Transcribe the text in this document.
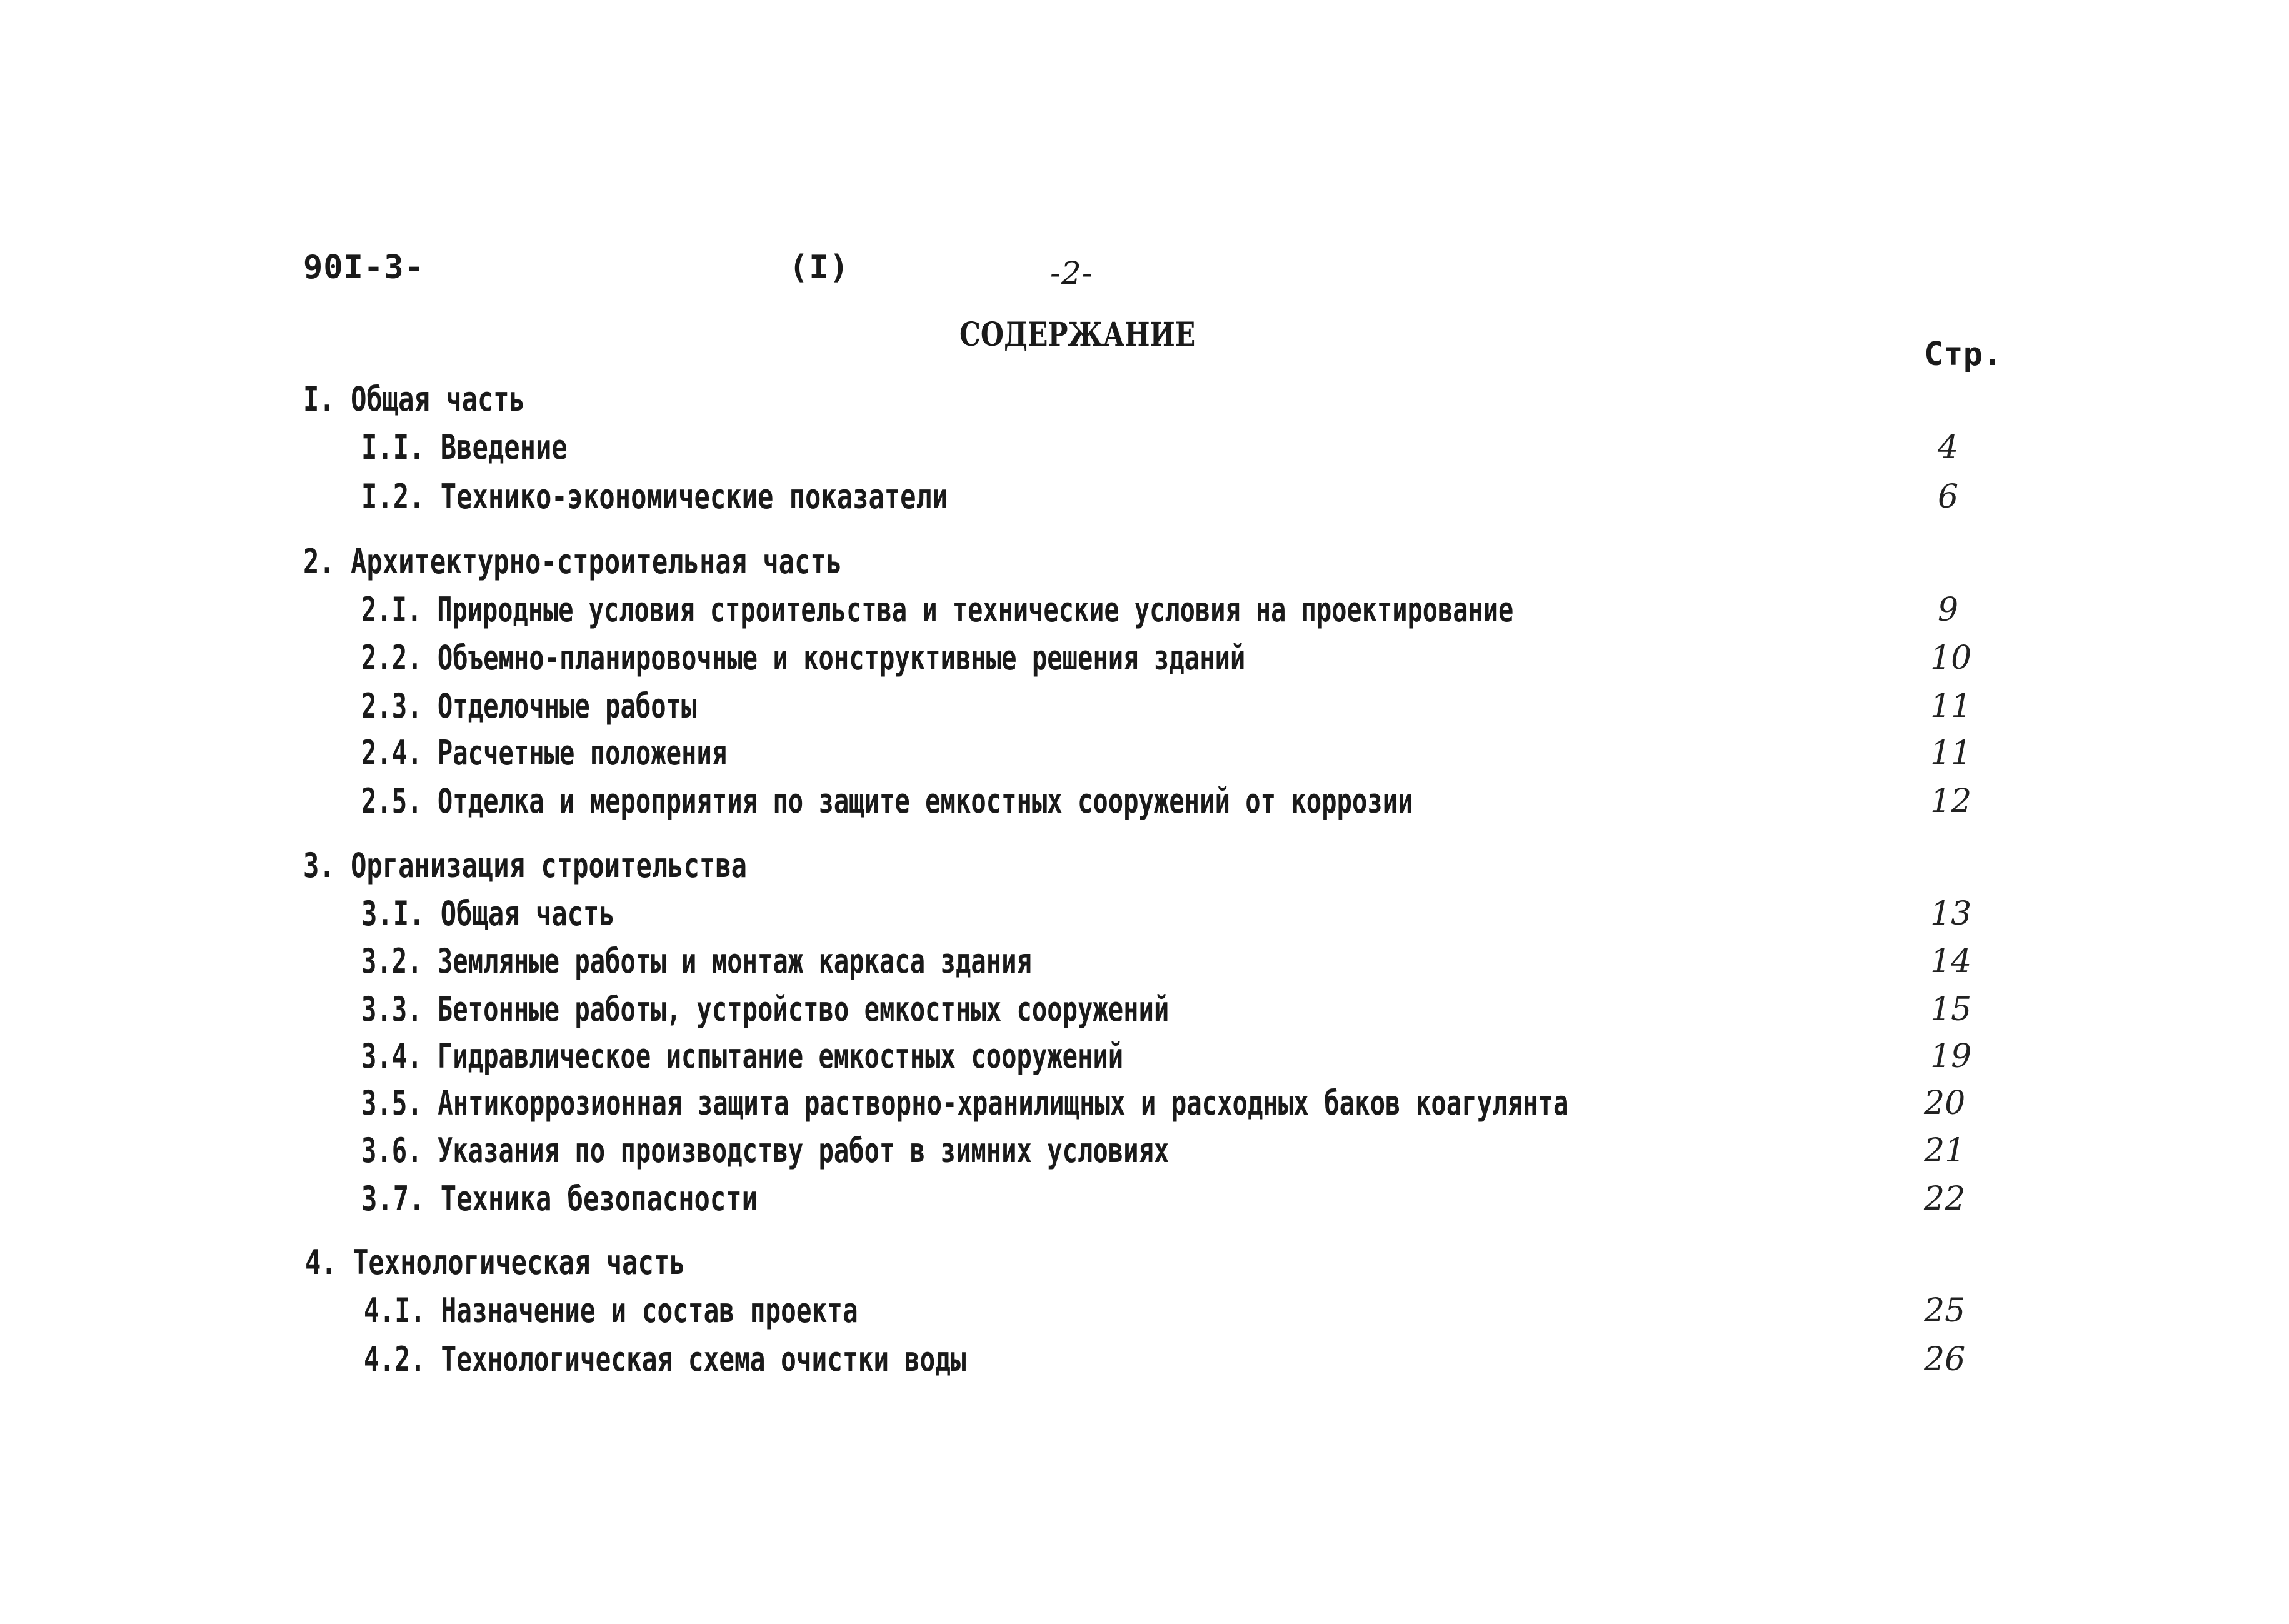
90I-3-	(I)	-2-
СОДЕРЖАНИЕ
Стр.
I. Общая часть
I.I. Введение	4
I.2. Технико-экономические показатели	6
2. Архитектурно-строительная часть
2.I. Природные условия строительства и технические условия на проектирование	9
2.2. Объемно-планировочные и конструктивные решения зданий	10
2.3. Отделочные работы	11
2.4. Расчетные положения	11
2.5. Отделка и мероприятия по защите емкостных сооружений от коррозии	12
3. Организация строительства
3.I. Общая часть	13
3.2. Земляные работы и монтаж каркаса здания	14
3.3. Бетонные работы, устройство емкостных сооружений	15
3.4. Гидравлическое испытание емкостных сооружений	19
3.5. Антикоррозионная защита растворно-хранилищных и расходных баков коагулянта	20
3.6. Указания по производству работ в зимних условиях	21
3.7. Техника безопасности	22
4. Технологическая часть
4.I. Назначение и состав проекта	25
4.2. Технологическая схема очистки воды	26
